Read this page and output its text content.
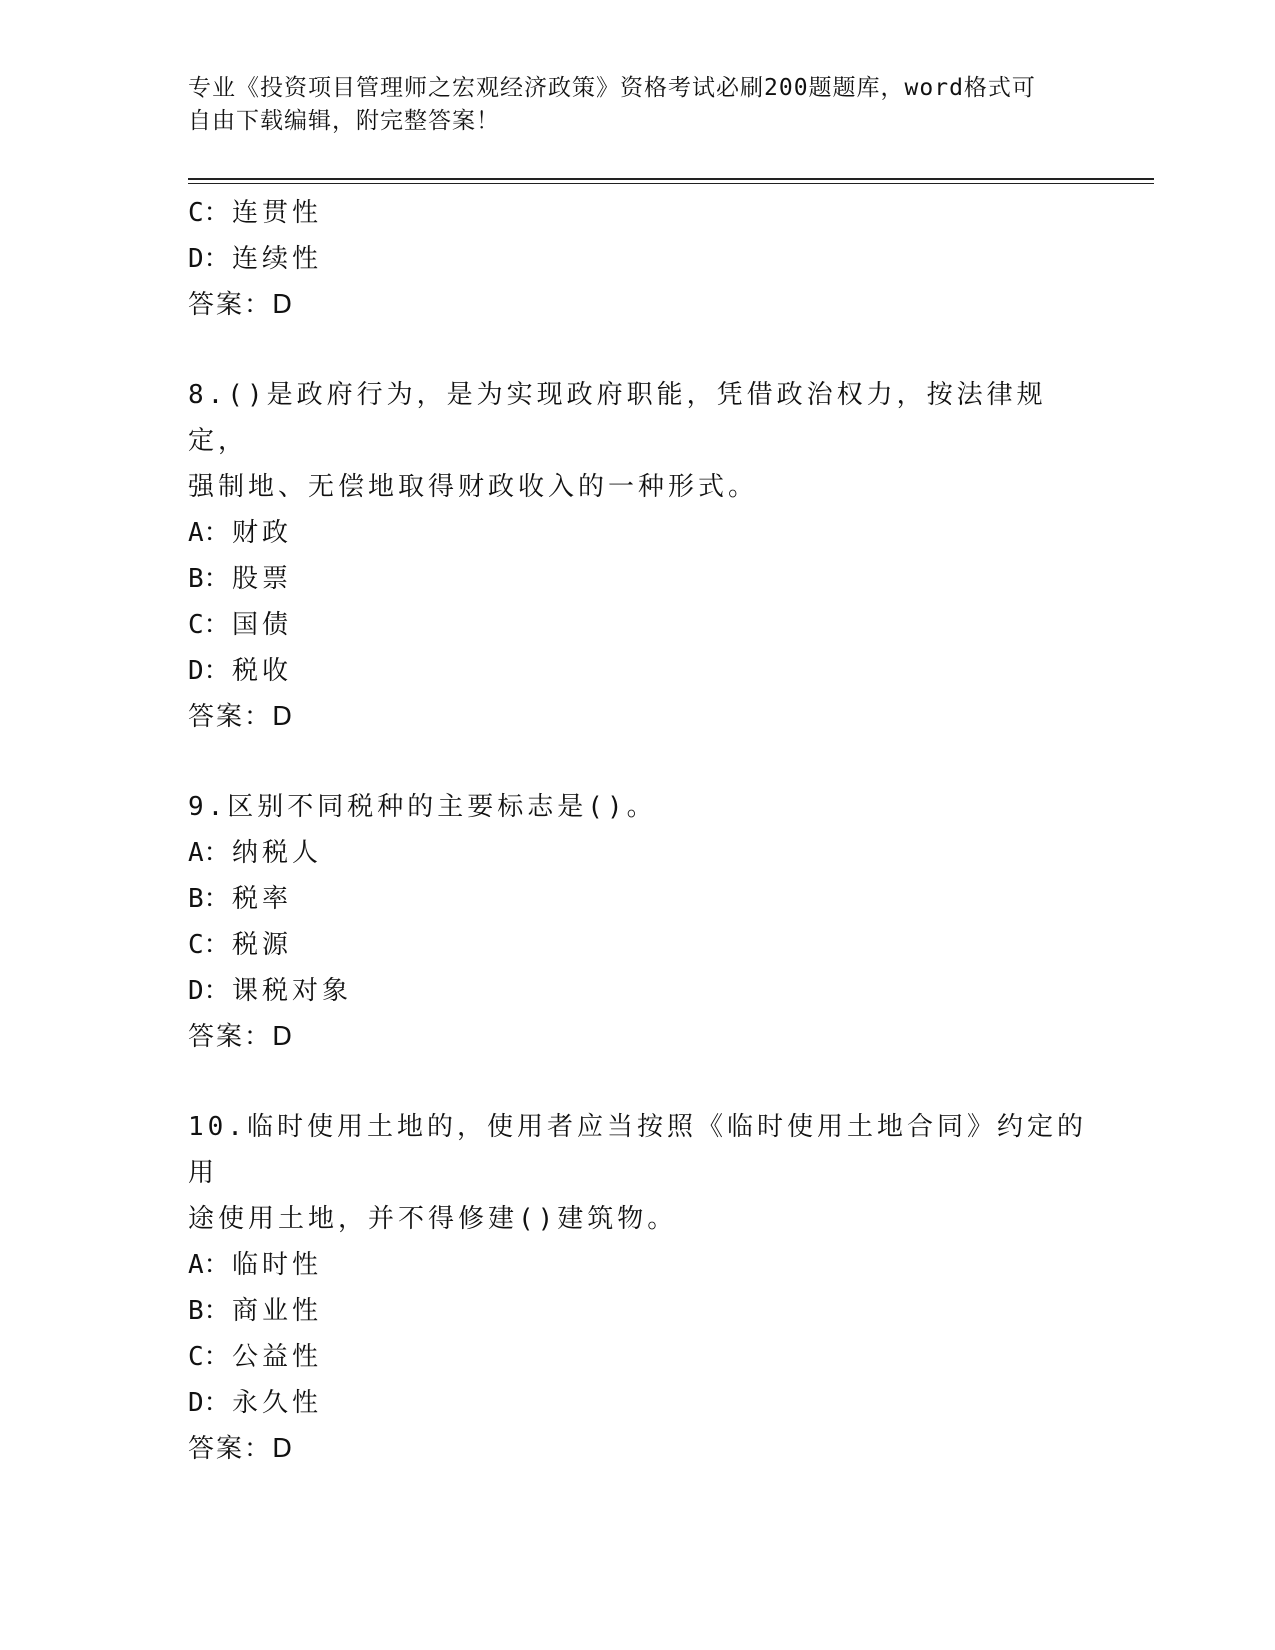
专业《投资项目管理师之宏观经济政策》资格考试必刷200题题库，word格式可
自由下载编辑，附完整答案！
C：连贯性
D：连续性
答案：D
8.()是政府行为，是为实现政府职能，凭借政治权力，按法律规定，
强制地、无偿地取得财政收入的一种形式。
A：财政
B：股票
C：国债
D：税收
答案：D
9.区别不同税种的主要标志是()。
A：纳税人
B：税率
C：税源
D：课税对象
答案：D
10.临时使用土地的，使用者应当按照《临时使用土地合同》约定的用
途使用土地，并不得修建()建筑物。
A：临时性
B：商业性
C：公益性
D：永久性
答案：D
